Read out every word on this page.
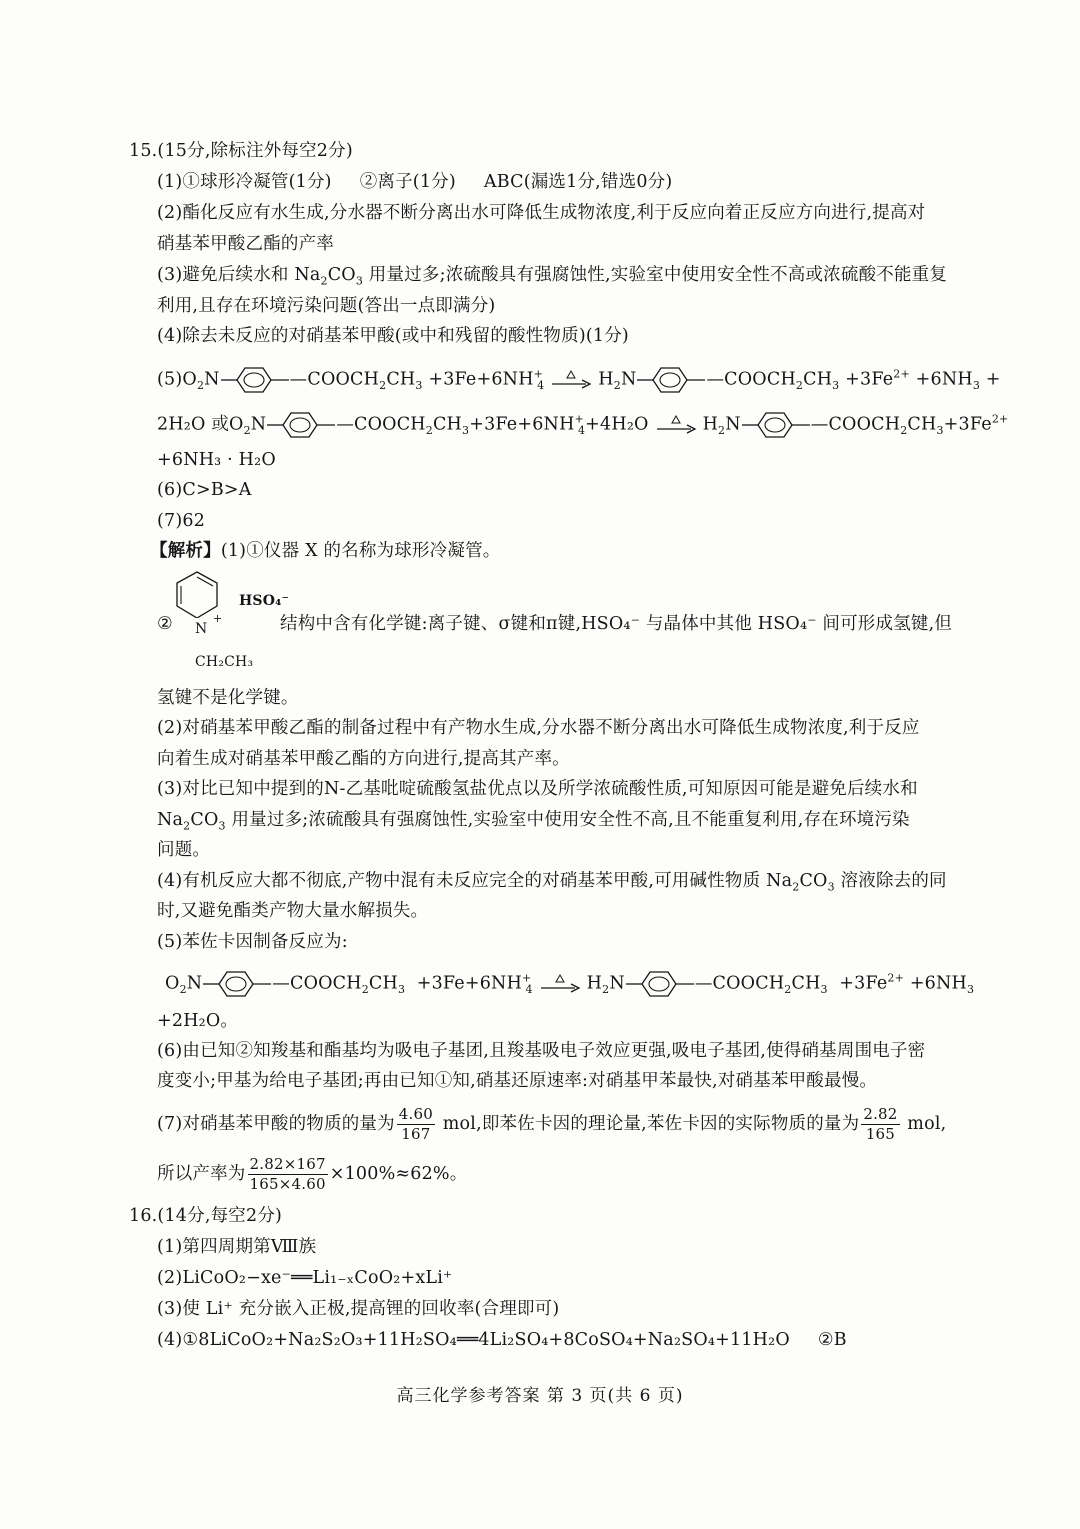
15.(15分,除标注外每空2分)
(1)①球形冷凝管(1分) ②离子(1分) ABC(漏选1分,错选0分)
(2)酯化反应有水生成,分水器不断分离出水可降低生成物浓度,利于反应向着正反应方向进行,提高对
硝基苯甲酸乙酯的产率
(3)避免后续水和 $Na_2CO_3$ 用量过多;浓硫酸具有强腐蚀性,实验室中使用安全性不高或浓硫酸不能重复
利用,且存在环境污染问题(答出一点即满分)
(4)除去未反应的对硝基苯甲酸(或中和残留的酸性物质)(1分)
$(5)O_2N$	$—COOCH_2CH_3 +3Fe+6NH^+_4$	$H_2N$	$—COOCH_2CH_3 +3Fe^{2+} +6NH_3$ +
2H₂O 或$O_2N$	$—COOCH_2CH_3+3Fe+6NH^+_4+4H_2O$	$H_2N$	$—COOCH_2CH_3+3Fe^{2+}$
+6NH₃ · H₂O
(6)C>B>A
(7)62
【解析】(1)①仪器 X 的名称为球形冷凝管。
② N
+
HSO₄⁻
CH₂CH₃
结构中含有化学键:离子键、σ键和π键,HSO₄⁻ 与晶体中其他 HSO₄⁻ 间可形成氢键,但
氢键不是化学键。
(2)对硝基苯甲酸乙酯的制备过程中有产物水生成,分水器不断分离出水可降低生成物浓度,利于反应
向着生成对硝基苯甲酸乙酯的方向进行,提高其产率。
(3)对比已知中提到的N-乙基吡啶硫酸氢盐优点以及所学浓硫酸性质,可知原因可能是避免后续水和
$Na_2CO_3$ 用量过多;浓硫酸具有强腐蚀性,实验室中使用安全性不高,且不能重复利用,存在环境污染
问题。
(4)有机反应大都不彻底,产物中混有未反应完全的对硝基苯甲酸,可用碱性物质 $Na_2CO_3$ 溶液除去的同
时,又避免酯类产物大量水解损失。
(5)苯佐卡因制备反应为:
$O_2N$	$—COOCH_2CH_3 +3Fe+6NH^+_4$	$H_2N$	$—COOCH_2CH_3 +3Fe^{2+} +6NH_3$
+2H₂O。
(6)由已知②知羧基和酯基均为吸电子基团,且羧基吸电子效应更强,吸电子基团,使得硝基周围电子密
度变小;甲基为给电子基团;再由已知①知,硝基还原速率:对硝基甲苯最快,对硝基苯甲酸最慢。
(7)对硝基苯甲酸的物质的量为 $\frac{4.60}{167}$ mol,即苯佐卡因的理论量,苯佐卡因的实际物质的量为 $\frac{2.82}{165}$ mol,
所以产率为 $\frac{2.82\times 167}{165\times 4.60} \times 100\%\approx 62\%$。
16.(14分,每空2分)
(1)第四周期第Ⅷ族
(2)LiCoO₂−xe⁻══Li₁₋ₓCoO₂+xLi⁺
(3)使 Li⁺ 充分嵌入正极,提高锂的回收率(合理即可)
(4)①8LiCoO₂+Na₂S₂O₃+11H₂SO₄══4Li₂SO₄+8CoSO₄+Na₂SO₄+11H₂O ②B
高三化学参考答案 第 3 页(共 6 页)
